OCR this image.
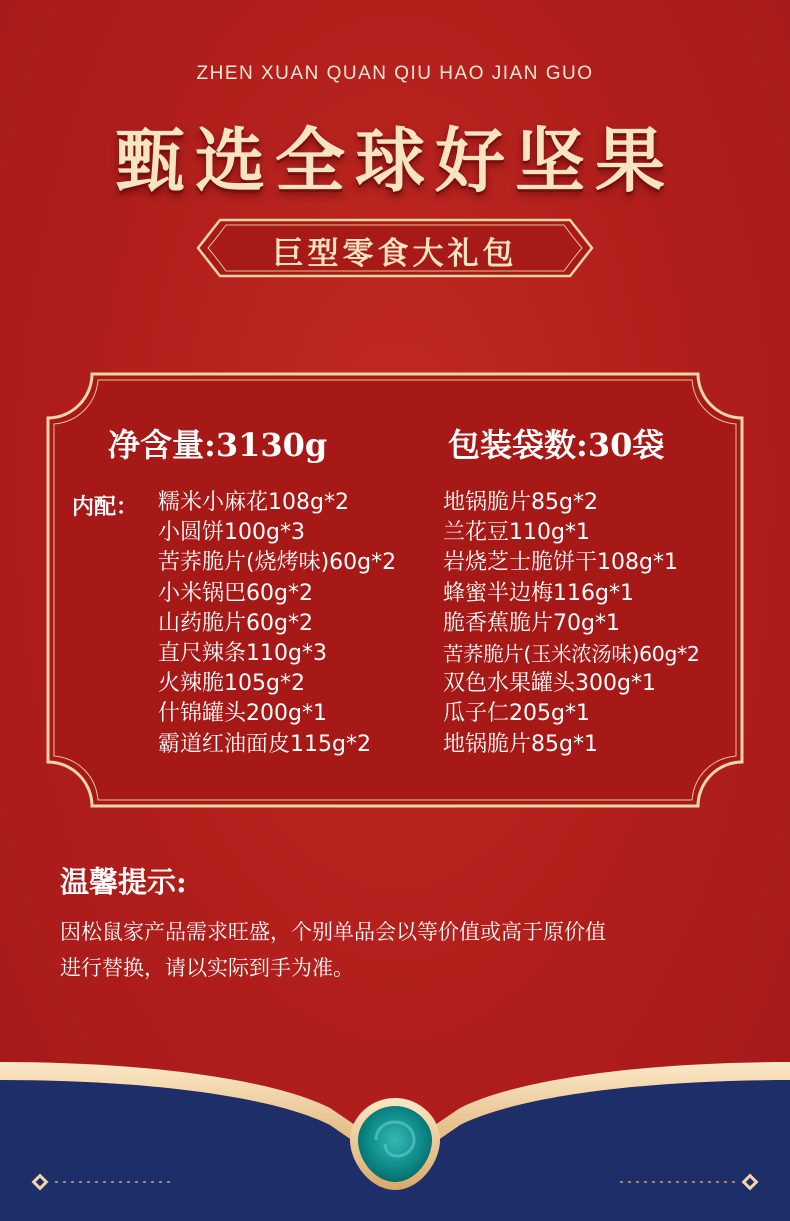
ZHEN XUAN QUAN QIU HAO JIAN GUO
甄选全球好坚果
巨型零食大礼包
净含量:3130g	包装袋数:30袋
内配： 糯米小麻花108g*2
小圆饼100g*3
苦荞脆片(烧烤味)60g*2
小米锅巴60g*2
山药脆片60g*2
直尺辣条110g*3
火辣脆105g*2
什锦罐头200g*1
霸道红油面皮115g*2
地锅脆片85g*2
兰花豆110g*1
岩烧芝士脆饼干108g*1
蜂蜜半边梅116g*1
脆香蕉脆片70g*1
苦荞脆片(玉米浓汤味)60g*2
双色水果罐头300g*1
瓜子仁205g*1
地锅脆片85g*1
温馨提示:
因松鼠家产品需求旺盛，个别单品会以等价值或高于原价值
进行替换，请以实际到手为准。
